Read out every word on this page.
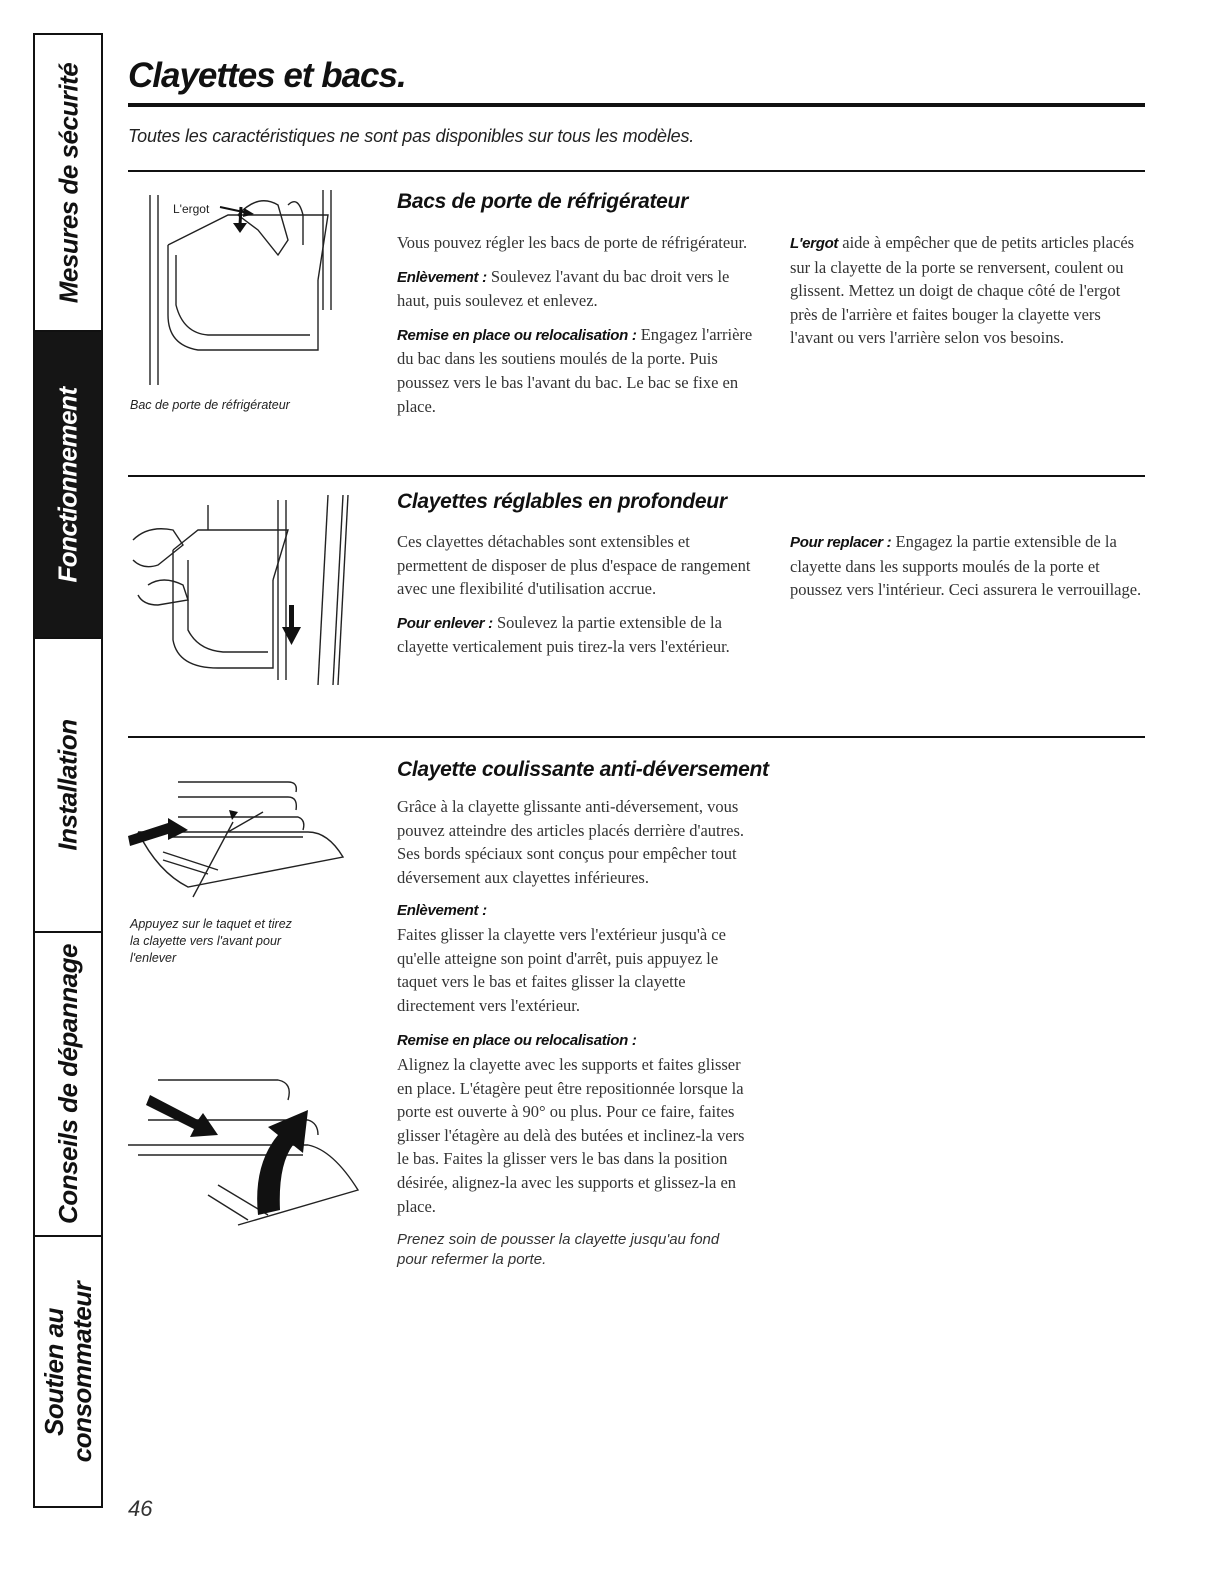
Mesures de sécurité
Fonctionnement
Installation
Conseils de dépannage
Soutien au consommateur
Clayettes et bacs.
Toutes les caractéristiques ne sont pas disponibles sur tous les modèles.
L'ergot
Bac de porte de réfrigérateur
Bacs de porte de réfrigérateur

Vous pouvez régler les bacs de porte de réfrigérateur.

Enlèvement : Soulevez l'avant du bac droit vers le haut, puis soulevez et enlevez.

Remise en place ou relocalisation : Engagez l'arrière du bac dans les soutiens moulés de la porte. Puis poussez vers le bas l'avant du bac. Le bac se fixe en place.

L'ergot aide à empêcher que de petits articles placés sur la clayette de la porte se renversent, coulent ou glissent. Mettez un doigt de chaque côté de l'ergot près de l'arrière et faites bouger la clayette vers l'avant ou vers l'arrière selon vos besoins.

Clayettes réglables en profondeur

Ces clayettes détachables sont extensibles et permettent de disposer de plus d'espace de rangement avec une flexibilité d'utilisation accrue.

Pour enlever : Soulevez la partie extensible de la clayette verticalement puis tirez-la vers l'extérieur.

Pour replacer : Engagez la partie extensible de la clayette dans les supports moulés de la porte et poussez vers l'intérieur. Ceci assurera le verrouillage.

Appuyez sur le taquet et tirez la clayette vers l'avant pour l'enlever
Clayette coulissante anti-déversement

Grâce à la clayette glissante anti-déversement, vous pouvez atteindre des articles placés derrière d'autres. Ses bords spéciaux sont conçus pour empêcher tout déversement aux clayettes inférieures.

Enlèvement :
Faites glisser la clayette vers l'extérieur jusqu'à ce qu'elle atteigne son point d'arrêt, puis appuyez le taquet vers le bas et faites glisser la clayette directement vers l'extérieur.

Remise en place ou relocalisation :
Alignez la clayette avec les supports et faites glisser en place. L'étagère peut être repositionnée lorsque la porte est ouverte à 90° ou plus. Pour ce faire, faites glisser l'étagère au delà des butées et inclinez-la vers le bas. Faites la glisser vers le bas dans la position désirée, alignez-la avec les supports et glissez-la en place.

Prenez soin de pousser la clayette jusqu'au fond pour refermer la porte.

46
